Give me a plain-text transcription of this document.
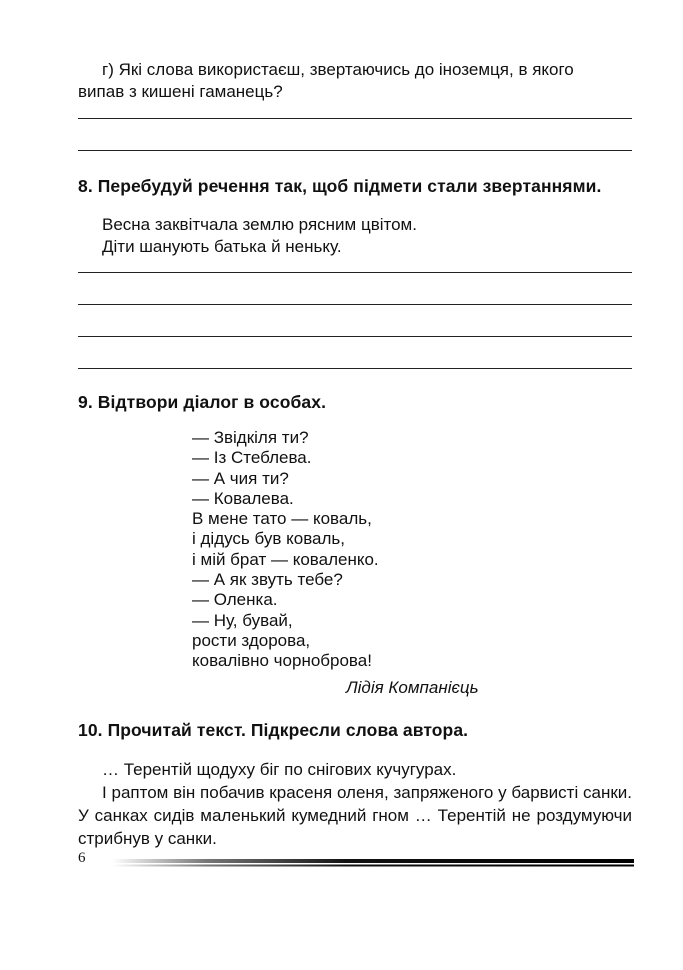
г) Які слова використаєш, звертаючись до іноземця, в якого
випав з кишені гаманець?
8. Перебудуй речення так, щоб підмети стали звертаннями.
Весна заквітчала землю рясним цвітом.
Діти шанують батька й неньку.
9. Відтвори діалог в особах.
— Звідкіля ти?
— Із Стеблева.
— А чия ти?
— Ковалева.
В мене тато — коваль,
і дідусь був коваль,
і мій брат — коваленко.
— А як звуть тебе?
— Оленка.
— Ну, бувай,
рости здорова,
ковалівно чорноброва!
Лідія Компанієць
10. Прочитай текст. Підкресли слова автора.
… Терентій щодуху біг по снігових кучугурах.
І раптом він побачив красеня оленя, запряженого у барвисті санки. У санках сидів маленький кумедний гном … Терентій не роздумуючи стрибнув у санки.
6
